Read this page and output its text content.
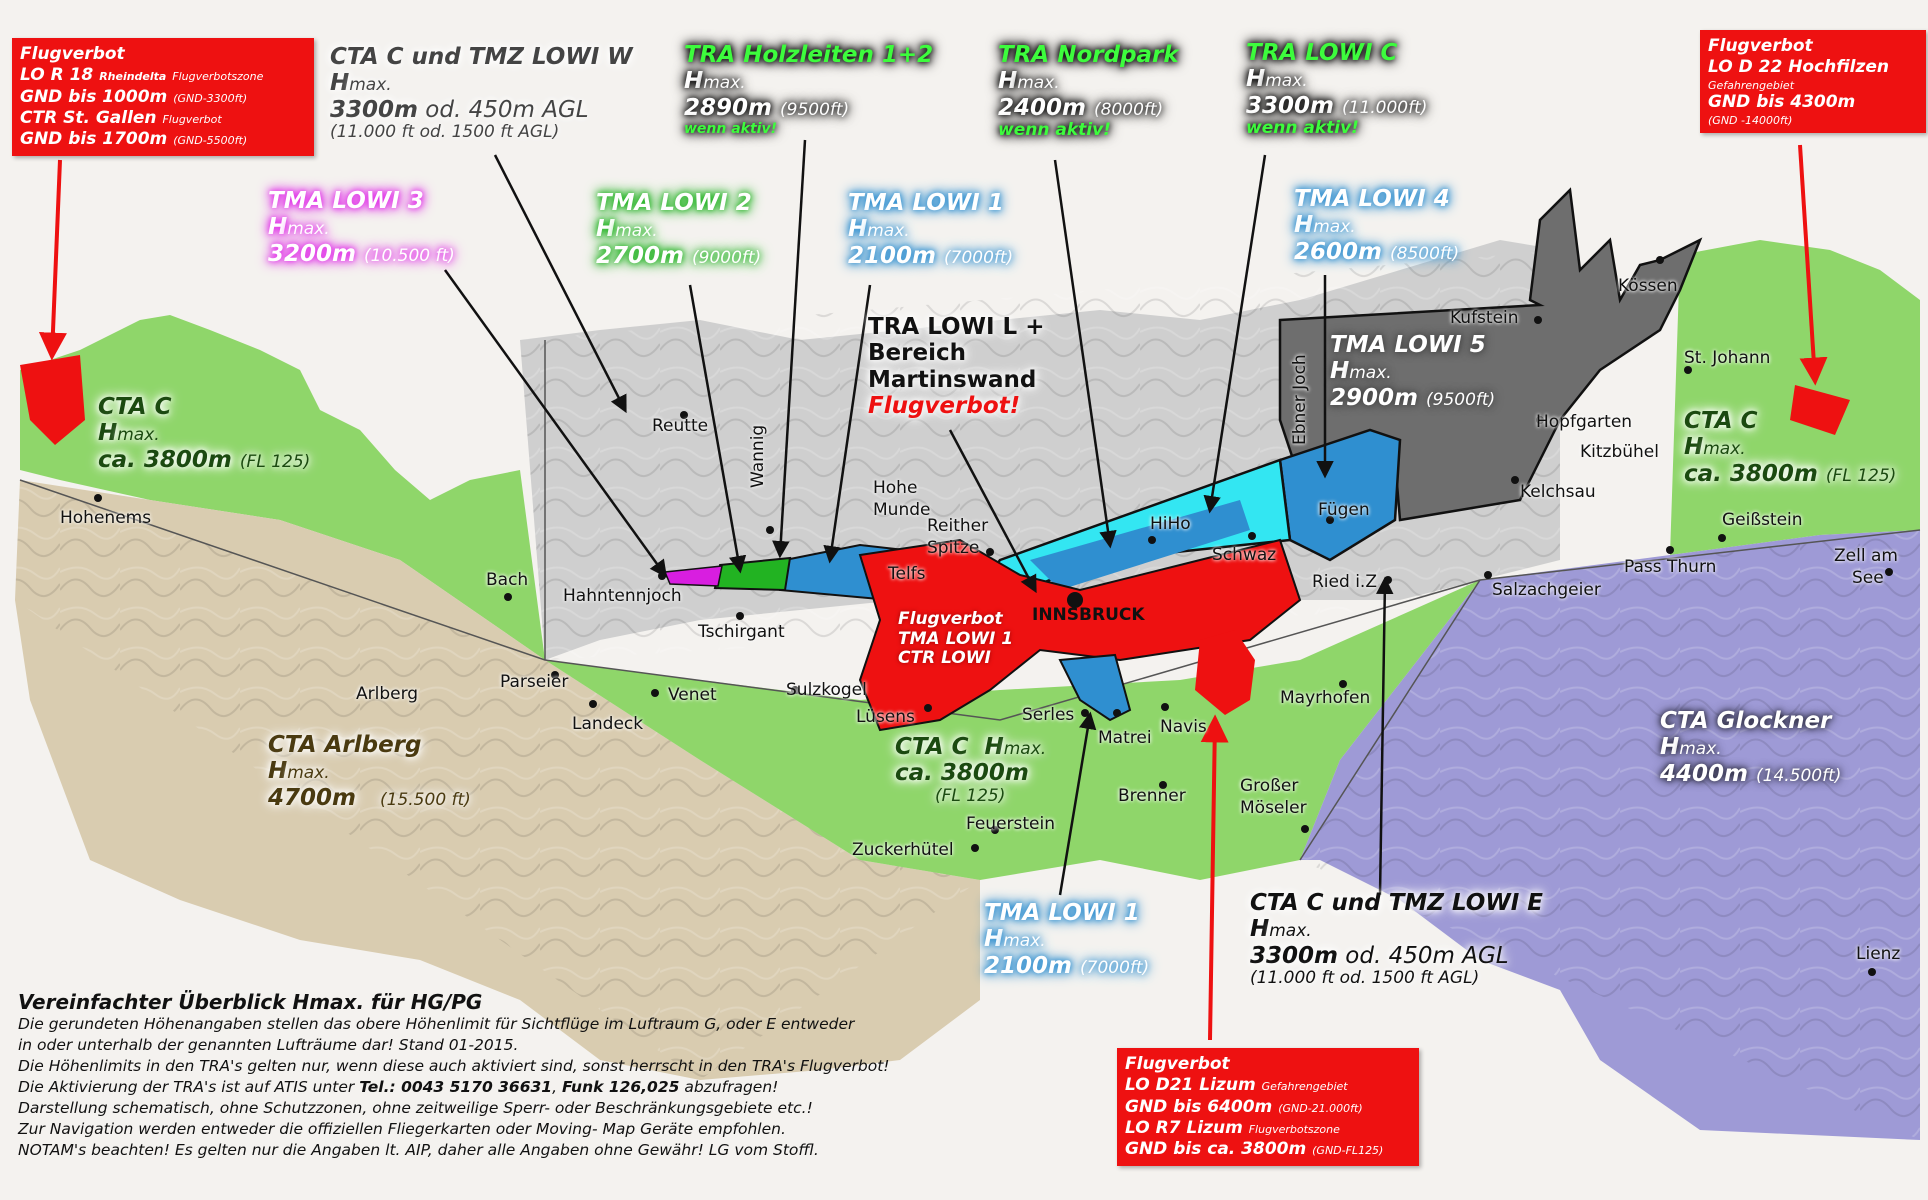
Flugverbot
LO R 18 Rheindelta Flugverbotszone
GND bis 1000m (GND-3300ft)
CTR St. Gallen Flugverbot
GND bis 1700m (GND-5500ft)
Flugverbot
LO D 22 Hochfilzen
Gefahrengebiet
GND bis 4300m
(GND -14000ft)
Flugverbot
LO D21 Lizum Gefahrengebiet
GND bis 6400m (GND-21.000ft)
LO R7 Lizum Flugverbotszone
GND bis ca. 3800m (GND-FL125)
CTA C und TMZ LOWI W
Hmax.
3300m od. 450m AGL
(11.000 ft od. 1500 ft AGL)
TRA Holzleiten 1+2
Hmax.
2890m (9500ft)
wenn aktiv!
TRA Nordpark
Hmax.
2400m (8000ft)
wenn aktiv!
TRA LOWI C
Hmax.
3300m (11.000ft)
wenn aktiv!
TMA LOWI 3
Hmax.
3200m (10.500 ft)
TMA LOWI 2
Hmax.
2700m (9000ft)
TMA LOWI 1
Hmax.
2100m (7000ft)
TMA LOWI 4
Hmax.
2600m (8500ft)
TMA LOWI 5
Hmax.
2900m (9500ft)
TRA LOWI L +
Bereich
Martinswand
Flugverbot!
CTA C
Hmax.
ca. 3800m (FL 125)
CTA C
Hmax.
ca. 3800m (FL 125)
CTA C Hmax.
ca. 3800m
(FL 125)
CTA Arlberg
Hmax.
4700m (15.500 ft)
CTA Glockner
Hmax.
4400m (14.500ft)
TMA LOWI 1
Hmax.
2100m (7000ft)
CTA C und TMZ LOWI E
Hmax.
3300m od. 450m AGL
(11.000 ft od. 1500 ft AGL)
Flugverbot
TMA LOWI 1
CTR LOWI
INNSBRUCK
Reutte
Hohenems
Bach
Hahntennjoch
Tschirgant
Wannig	Hohe
Munde
Reither
Spitze
Telfs
HiHo
Schwaz
Fügen
Ried i.Z
Ebner Joch
Kufstein
Kössen
St. Johann
Hopfgarten
Kitzbühel
Kelchsau
Geißstein
Pass Thurn
Zell am
See
Salzachgeier
Arlberg
Parseier
Landeck
Venet	Sulzkogel
Lüsens	Serles
Matrei
Navis
Mayrhofen
Brenner	Großer
Möseler
Feuerstein
Zuckerhütel
Lienz
Vereinfachter Überblick Hmax. für HG/PG
Die gerundeten Höhenangaben stellen das obere Höhenlimit für Sichtflüge im Luftraum G, oder E entweder
in oder unterhalb der genannten Lufträume dar! Stand 01-2015.
Die Höhenlimits in den TRA's gelten nur, wenn diese auch aktiviert sind, sonst herrscht in den TRA's Flugverbot!
Die Aktivierung der TRA's ist auf ATIS unter Tel.: 0043 5170 36631, Funk 126,025 abzufragen!
Darstellung schematisch, ohne Schutzzonen, ohne zeitweilige Sperr- oder Beschränkungsgebiete etc.!
Zur Navigation werden entweder die offiziellen Fliegerkarten oder Moving- Map Geräte empfohlen.
NOTAM's beachten! Es gelten nur die Angaben lt. AIP, daher alle Angaben ohne Gewähr! LG vom Stoffl.
